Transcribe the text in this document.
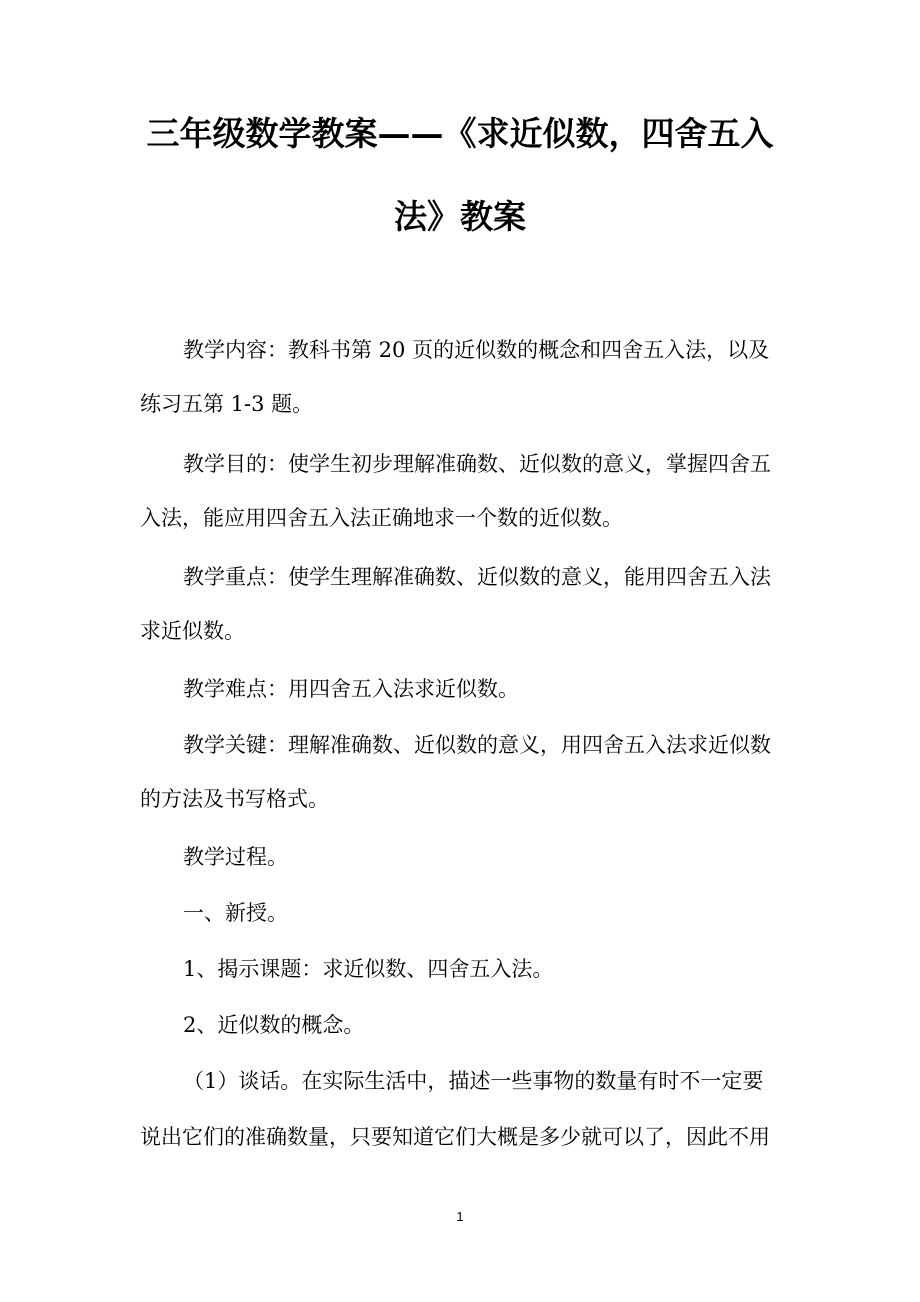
三年级数学教案——《求近似数，四舍五入
法》教案
教学内容：教科书第 20 页的近似数的概念和四舍五入法，以及
练习五第 1-3 题。
教学目的：使学生初步理解准确数、近似数的意义，掌握四舍五
入法，能应用四舍五入法正确地求一个数的近似数。
教学重点：使学生理解准确数、近似数的意义，能用四舍五入法
求近似数。
教学难点：用四舍五入法求近似数。
教学关键：理解准确数、近似数的意义，用四舍五入法求近似数
的方法及书写格式。
教学过程。
一、新授。
1、揭示课题：求近似数、四舍五入法。
2、近似数的概念。
（1）谈话。在实际生活中，描述一些事物的数量有时不一定要
说出它们的准确数量，只要知道它们大概是多少就可以了，因此不用
1
